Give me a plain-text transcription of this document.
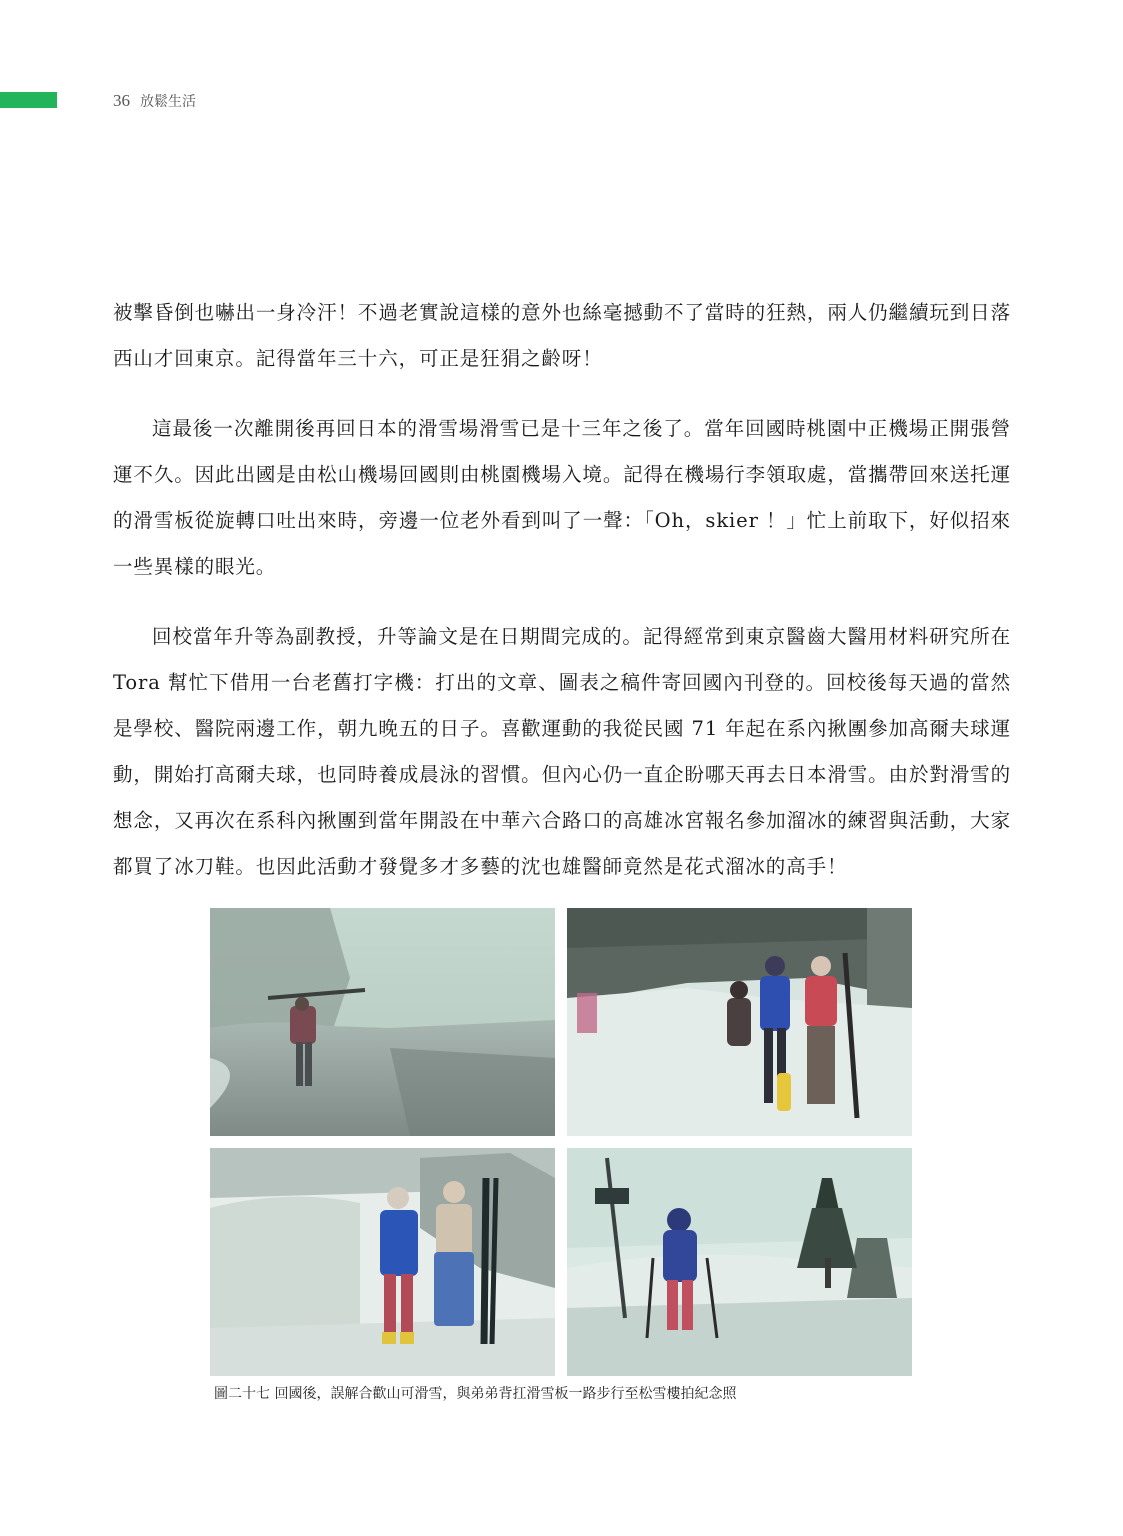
36 放鬆生活

被擊昏倒也嚇出一身冷汗！不過老實說這樣的意外也絲毫撼動不了當時的狂熱，兩人仍繼續玩到日落西山才回東京。記得當年三十六，可正是狂狷之齡呀！

這最後一次離開後再回日本的滑雪場滑雪已是十三年之後了。當年回國時桃園中正機場正開張營運不久。因此出國是由松山機場回國則由桃園機場入境。記得在機場行李領取處，當攜帶回來送托運的滑雪板從旋轉口吐出來時，旁邊一位老外看到叫了一聲：「Oh，skier ！」忙上前取下，好似招來一些異樣的眼光。

回校當年升等為副教授，升等論文是在日期間完成的。記得經常到東京醫齒大醫用材料研究所在 Tora 幫忙下借用一台老舊打字機：打出的文章、圖表之稿件寄回國內刊登的。回校後每天過的當然是學校、醫院兩邊工作，朝九晚五的日子。喜歡運動的我從民國 71 年起在系內揪團參加高爾夫球運動，開始打高爾夫球，也同時養成晨泳的習慣。但內心仍一直企盼哪天再去日本滑雪。由於對滑雪的想念，又再次在系科內揪團到當年開設在中華六合路口的高雄冰宮報名參加溜冰的練習與活動，大家都買了冰刀鞋。也因此活動才發覺多才多藝的沈也雄醫師竟然是花式溜冰的高手！

圖二十七 回國後，誤解合歡山可滑雪，與弟弟背扛滑雪板一路步行至松雪樓拍紀念照
